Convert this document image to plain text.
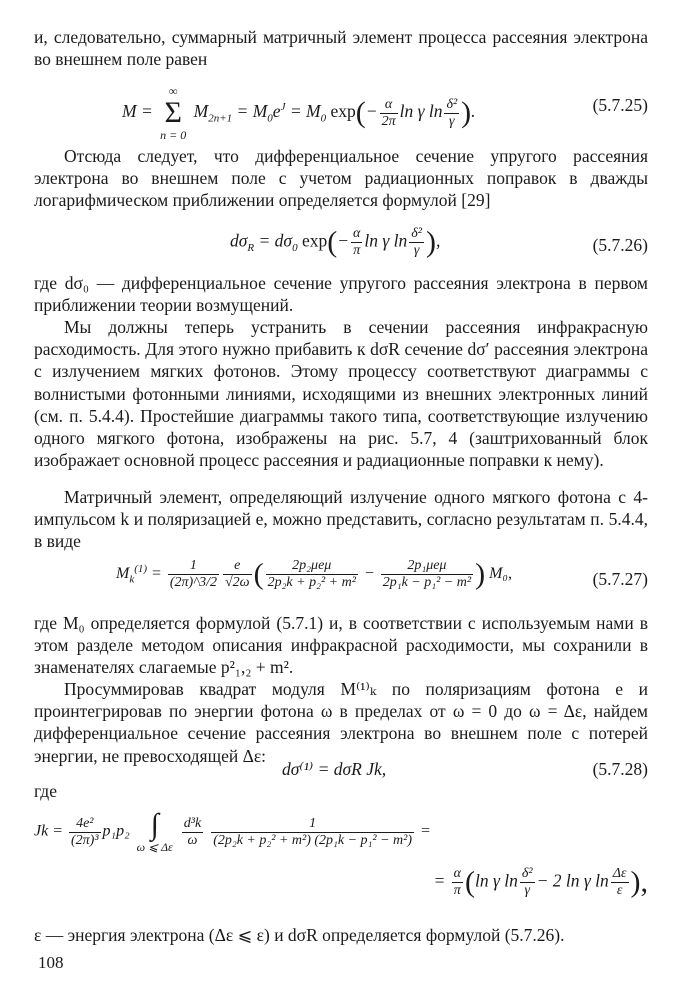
и, следовательно, суммарный матричный элемент процесса рассеяния электрона во внешнем поле равен

M =
∞
Σ
n = 0
$M_{2n+1} = M_0e^J = M_0$ $\exp(- \frac{\alpha}{2\pi}$ ln γ $\ln \frac{\text{δ²}}{\gamma}$ ).	(5.7.25)

Отсюда следует, что дифференциальное сечение упругого рассеяния электрона во внешнем поле с учетом радиационных поправок в дважды логарифмическом приближении определяется формулой [29]

$d\sigma_R = d\sigma_0$ $\exp(- \frac{\alpha}{\pi}$ ln γ $\ln \frac{\text{δ²}}{\gamma}$ ),	(5.7.26)

где dσ₀ — дифференциальное сечение упругого рассеяния электрона в первом приближении теории возмущений.

Мы должны теперь устранить в сечении рассеяния инфракрасную расходимость. Для этого нужно прибавить к dσR сечение dσ′ рассеяния электрона с излучением мягких фотонов. Этому процессу соответствуют диаграммы с волнистыми фотонными линиями, исходящими из внешних электронных линий (см. п. 5.4.4). Простейшие диаграммы такого типа, соответствующие излучению одного мягкого фотона, изображены на рис. 5.7, 4 (заштрихованный блок изображает основной процесс рассеяния и радиационные поправки к нему).

Матричный элемент, определяющий излучение одного мягкого фотона с 4-импульсом k и поляризацией e, можно представить, согласно результатам п. 5.4.4, в виде

$M_k^{(1)} = \frac{1}{(2\pi)\^{}3/2} \frac{e}{√2\omega}$ ( $\frac{\text{2p₂μeμ}}{\text{2p₂k + p₂² + m²}} - \frac{\text{2p₁μeμ}}{\text{2p₁k − p₁² − m²}}$ ) M₀,	(5.7.27)

где M₀ определяется формулой (5.7.1) и, в соответствии с используемым нами в этом разделе методом описания инфракрасной расходимости, мы сохранили в знаменателях слагаемые p²₁,₂ + m².

Просуммировав квадрат модуля M⁽¹⁾ₖ по поляризациям фотона e и проинтегрировав по энергии фотона ω в пределах от ω = 0 до ω = Δε, найдем дифференциальное сечение рассеяния электрона во внешнем поле с потерей энергии, не превосходящей Δε:

dσ⁽¹⁾ = dσR Jk,	(5.7.28)

где

$Jk = \frac{\text{4e²}}{\text{(2π)³}} p_1p_2$ ∫
ω ⩽ Δε
$\frac{\text{d³k}}{\omega}$
$\frac{1}{\text{(2p₂k + p₂² + m²) (2p₁k − p₁² − m²)}}$ =
= $\frac{\alpha}{\pi} (\ln$ γ $\ln \frac{\text{δ²}}{\gamma} - 2$ ln γ $\ln \frac{\Delta\varepsilon}{\varepsilon}$ ),

ε — энергия электрона (Δε ⩽ ε) и dσR определяется формулой (5.7.26).

108
